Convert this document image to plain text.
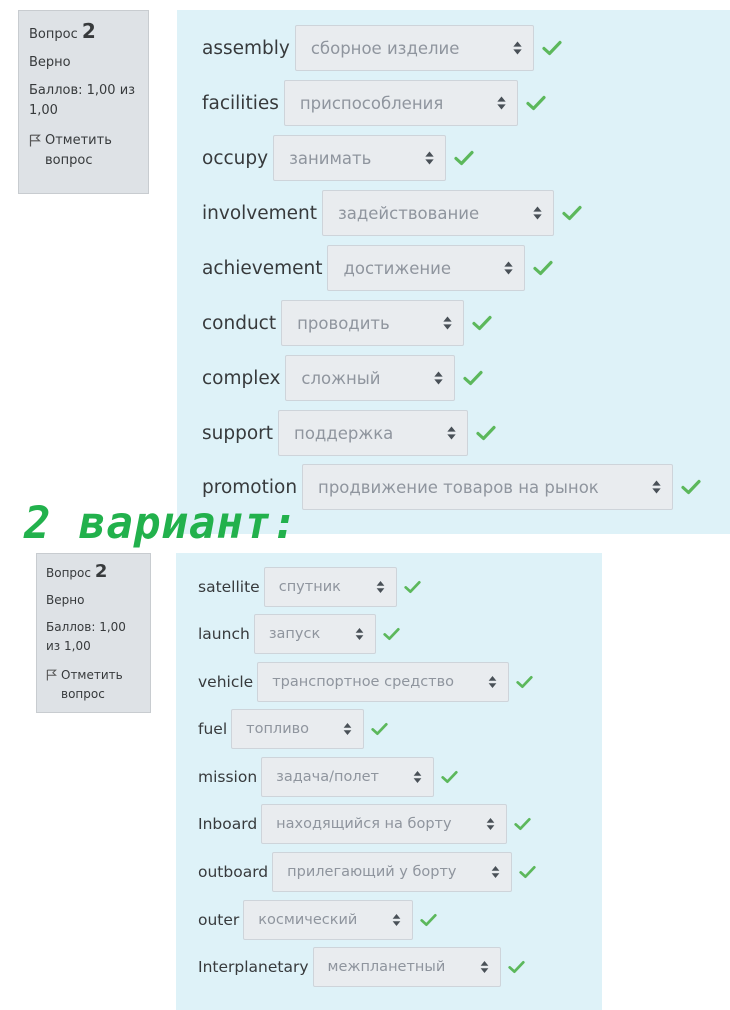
Вопрос 2
Верно
Баллов: 1,00 из 1,00
Отметить вопрос
assembly сборное изделие
facilities приспособления
occupy занимать
involvement задействование
achievement достижение
conduct проводить
complex сложный
support поддержка
promotion продвижение товаров на рынок
2 вариант:
Вопрос 2
Верно
Баллов: 1,00 из 1,00
Отметить вопрос
satellite спутник
launch запуск
vehicle транспортное средство
fuel топливо
mission задача/полет
Inboard находящийся на борту
outboard прилегающий у борту
outer космический
Interplanetary межпланетный
